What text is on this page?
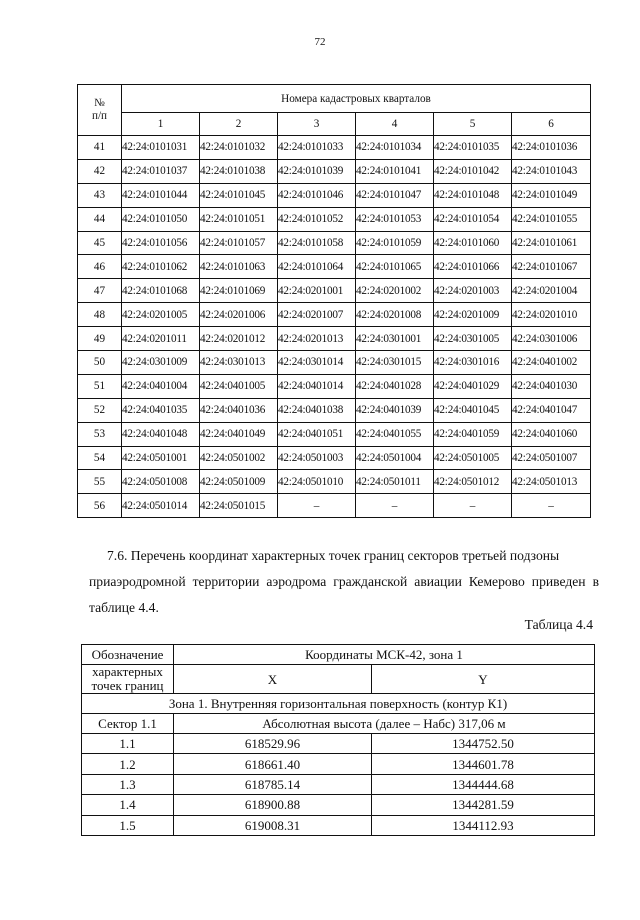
72
№
п/п	Номера кадастровых кварталов					
	1	2	3	4	5	6
41	42:24:0101031	42:24:0101032	42:24:0101033	42:24:0101034	42:24:0101035	42:24:0101036
42	42:24:0101037	42:24:0101038	42:24:0101039	42:24:0101041	42:24:0101042	42:24:0101043
43	42:24:0101044	42:24:0101045	42:24:0101046	42:24:0101047	42:24:0101048	42:24:0101049
44	42:24:0101050	42:24:0101051	42:24:0101052	42:24:0101053	42:24:0101054	42:24:0101055
45	42:24:0101056	42:24:0101057	42:24:0101058	42:24:0101059	42:24:0101060	42:24:0101061
46	42:24:0101062	42:24:0101063	42:24:0101064	42:24:0101065	42:24:0101066	42:24:0101067
47	42:24:0101068	42:24:0101069	42:24:0201001	42:24:0201002	42:24:0201003	42:24:0201004
48	42:24:0201005	42:24:0201006	42:24:0201007	42:24:0201008	42:24:0201009	42:24:0201010
49	42:24:0201011	42:24:0201012	42:24:0201013	42:24:0301001	42:24:0301005	42:24:0301006
50	42:24:0301009	42:24:0301013	42:24:0301014	42:24:0301015	42:24:0301016	42:24:0401002
51	42:24:0401004	42:24:0401005	42:24:0401014	42:24:0401028	42:24:0401029	42:24:0401030
52	42:24:0401035	42:24:0401036	42:24:0401038	42:24:0401039	42:24:0401045	42:24:0401047
53	42:24:0401048	42:24:0401049	42:24:0401051	42:24:0401055	42:24:0401059	42:24:0401060
54	42:24:0501001	42:24:0501002	42:24:0501003	42:24:0501004	42:24:0501005	42:24:0501007
55	42:24:0501008	42:24:0501009	42:24:0501010	42:24:0501011	42:24:0501012	42:24:0501013
56	42:24:0501014	42:24:0501015	–	–	–	–
7.6. Перечень координат характерных точек границ секторов третьей подзоны
приаэродромной территории аэродрома гражданской авиации Кемерово приведен в таблице 4.4.
Таблица 4.4
Обозначение	Координаты МСК-42, зона 1	
характерных
точек границ	X	Y
Зона 1. Внутренняя горизонтальная поверхность (контур К1)		
Сектор 1.1	Абсолютная высота (далее – Набс) 317,06 м	
1.1	618529.96	1344752.50
1.2	618661.40	1344601.78
1.3	618785.14	1344444.68
1.4	618900.88	1344281.59
1.5	619008.31	1344112.93
